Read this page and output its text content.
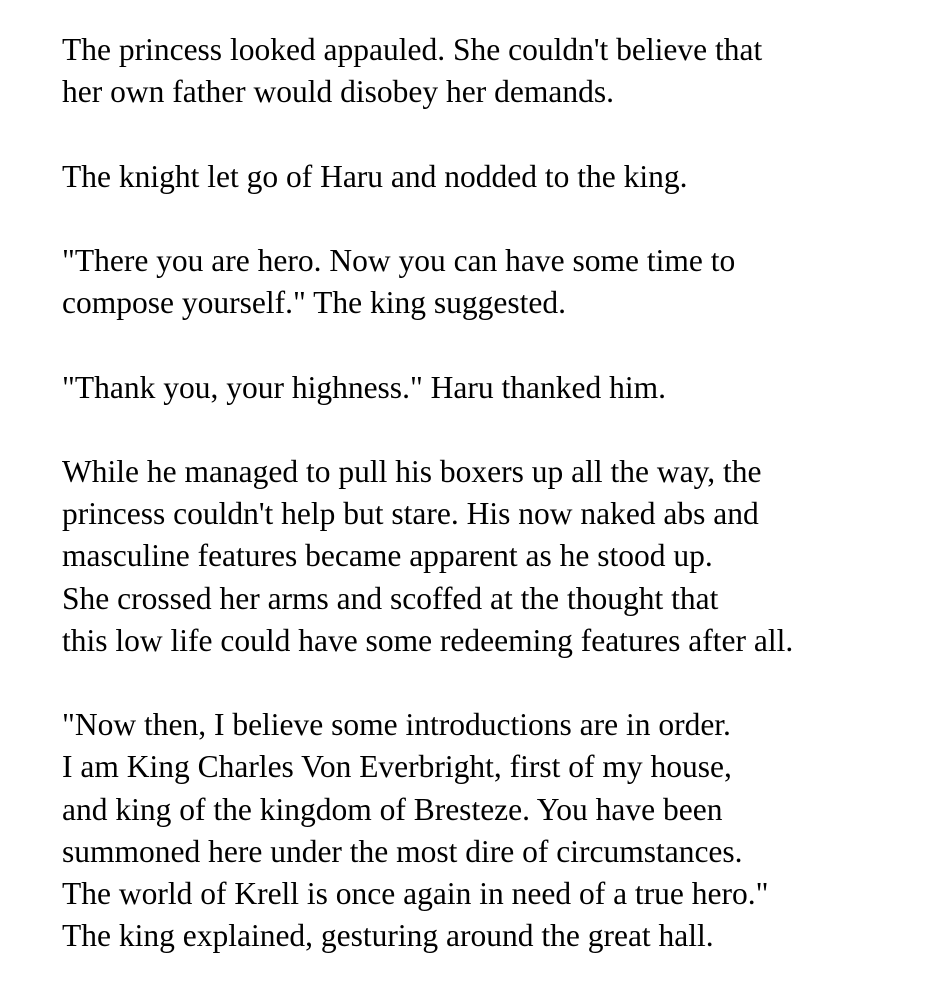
The princess looked appauled. She couldn't believe that
her own father would disobey her demands.

The knight let go of Haru and nodded to the king.

"There you are hero. Now you can have some time to
compose yourself." The king suggested.

"Thank you, your highness." Haru thanked him.

While he managed to pull his boxers up all the way, the
princess couldn't help but stare. His now naked abs and
masculine features became apparent as he stood up.
She crossed her arms and scoffed at the thought that
this low life could have some redeeming features after all.

"Now then, I believe some introductions are in order.
I am King Charles Von Everbright, first of my house,
and king of the kingdom of Bresteze. You have been
summoned here under the most dire of circumstances.
The world of Krell is once again in need of a true hero."
The king explained, gesturing around the great hall.
